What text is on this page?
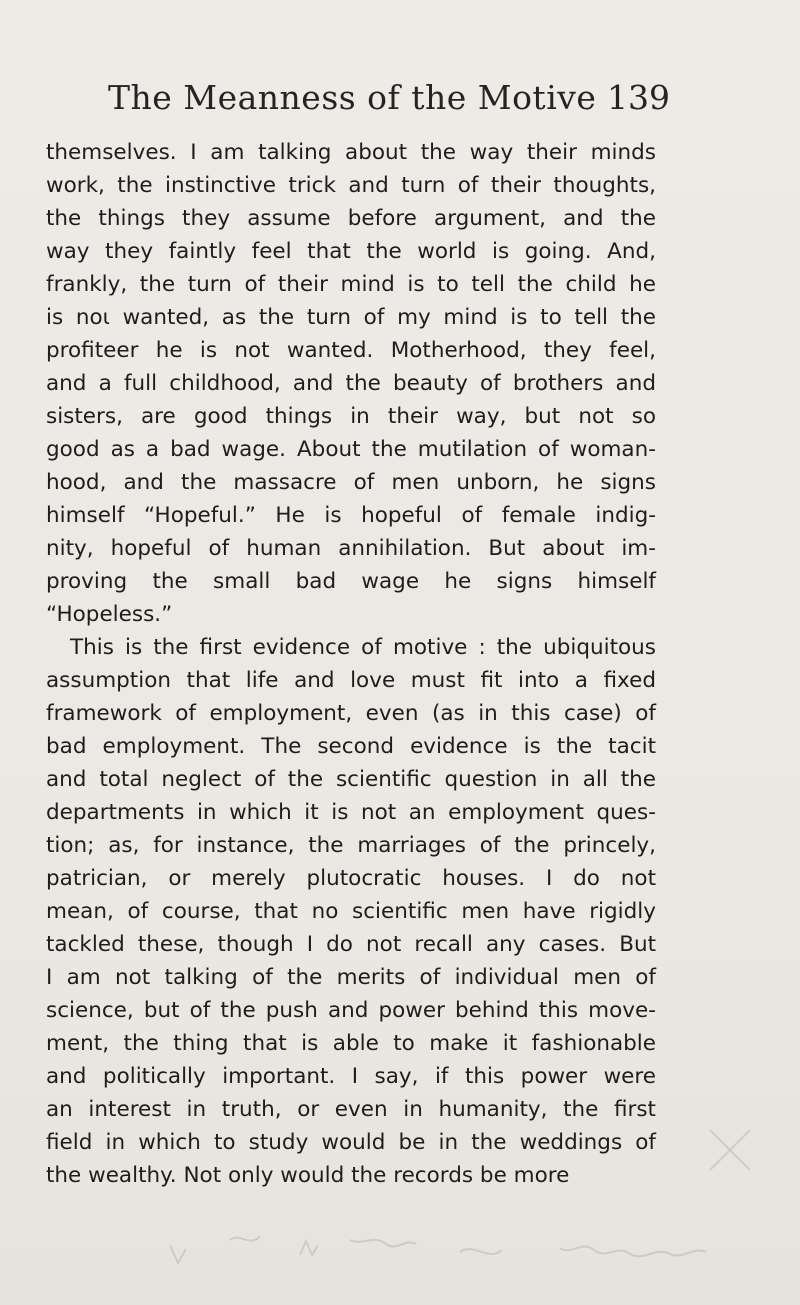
The Meanness of the Motive 139
themselves. I am talking about the way their minds
work, the instinctive trick and turn of their thoughts,
the things they assume before argument, and the
way they faintly feel that the world is going. And,
frankly, the turn of their mind is to tell the child he
is noɩ wanted, as the turn of my mind is to tell the
profiteer he is not wanted. Motherhood, they feel,
and a full childhood, and the beauty of brothers and
sisters, are good things in their way, but not so
good as a bad wage. About the mutilation of woman-
hood, and the massacre of men unborn, he signs
himself “Hopeful.” He is hopeful of female indig-
nity, hopeful of human annihilation. But about im-
proving the small bad wage he signs himself
“Hopeless.”
This is the first evidence of motive : the ubiquitous
assumption that life and love must fit into a fixed
framework of employment, even (as in this case) of
bad employment. The second evidence is the tacit
and total neglect of the scientific question in all the
departments in which it is not an employment ques-
tion; as, for instance, the marriages of the princely,
patrician, or merely plutocratic houses. I do not
mean, of course, that no scientific men have rigidly
tackled these, though I do not recall any cases. But
I am not talking of the merits of individual men of
science, but of the push and power behind this move-
ment, the thing that is able to make it fashionable
and politically important. I say, if this power were
an interest in truth, or even in humanity, the first
field in which to study would be in the weddings of
the wealthy. Not only would the records be more
